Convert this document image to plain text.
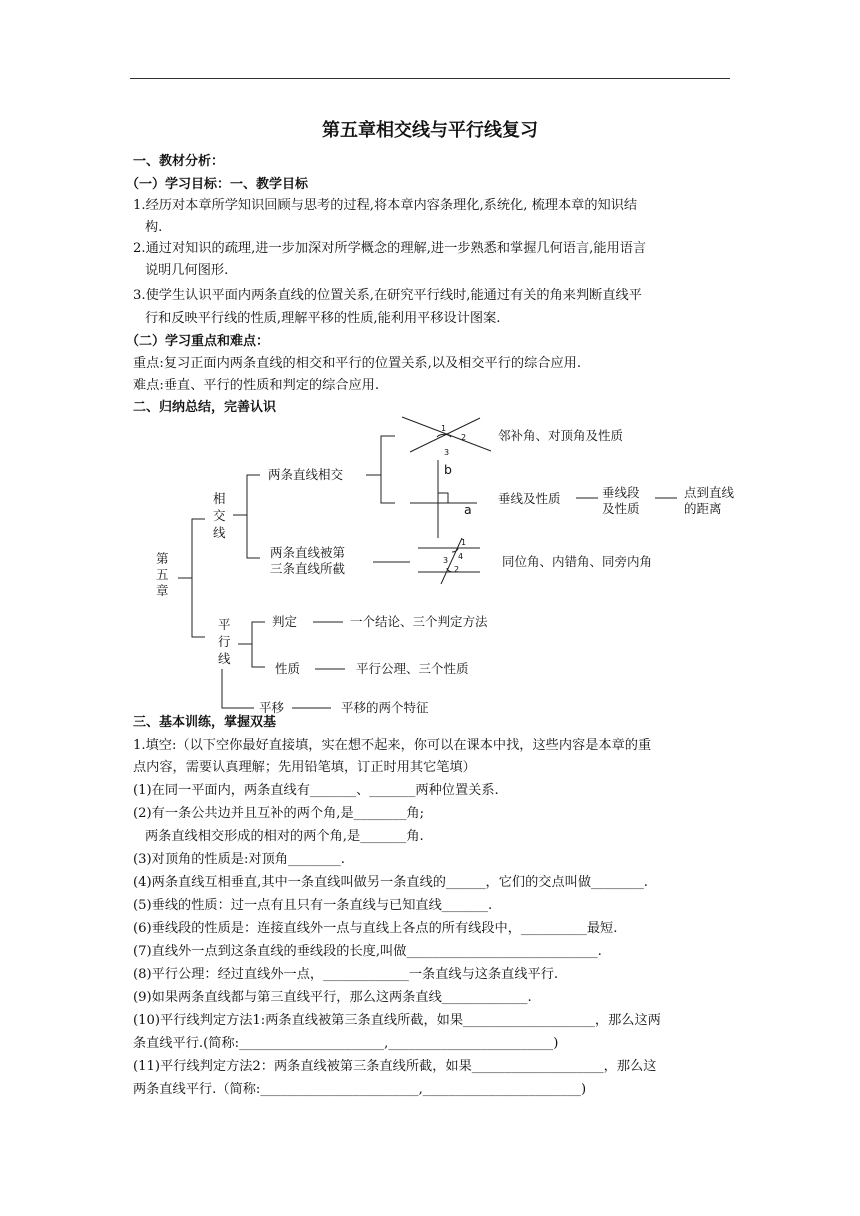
第五章相交线与平行线复习
一、教材分析：
（一）学习目标：一、教学目标
1.经历对本章所学知识回顾与思考的过程,将本章内容条理化,系统化, 梳理本章的知识结
构.
2.通过对知识的疏理,进一步加深对所学概念的理解,进一步熟悉和掌握几何语言,能用语言
说明几何图形.
3.使学生认识平面内两条直线的位置关系,在研究平行线时,能通过有关的角来判断直线平
行和反映平行线的性质,理解平移的性质,能利用平移设计图案.
（二）学习重点和难点：
重点:复习正面内两条直线的相交和平行的位置关系,以及相交平行的综合应用.
难点:垂直、平行的性质和判定的综合应用.
二、归纳总结，完善认识
1
2
3
b
a
1
4
3
2
第
五
章
相
交
线
平
行
线
两条直线相交
两条直线被第
三条直线所截
邻补角、对顶角及性质
垂线及性质	垂线段
及性质
点到直线
的距离
同位角、内错角、同旁内角
判定	一个结论、三个判定方法
性质	平行公理、三个性质
平移	平移的两个特征
三、基本训练，掌握双基
1.填空:（以下空你最好直接填，实在想不起来，你可以在课本中找，这些内容是本章的重
点内容，需要认真理解；先用铅笔填，订正时用其它笔填）
(1)在同一平面内，两条直线有_______、_______两种位置关系.
(2)有一条公共边并且互补的两个角,是________角;
两条直线相交形成的相对的两个角,是_______角.
(3)对顶角的性质是:对顶角________.
(4)两条直线互相垂直,其中一条直线叫做另一条直线的______，它们的交点叫做________.
(5)垂线的性质：过一点有且只有一条直线与已知直线_______.
(6)垂线段的性质是：连接直线外一点与直线上各点的所有线段中，__________最短.
(7)直线外一点到这条直线的垂线段的长度,叫做_____________________________.
(8)平行公理：经过直线外一点，_____________一条直线与这条直线平行.
(9)如果两条直线都与第三直线平行，那么这两条直线_____________.
(10)平行线判定方法1:两条直线被第三条直线所截，如果____________________，那么这两
条直线平行.(简称:______________________,_________________________)
(11)平行线判定方法2：两条直线被第三条直线所截，如果____________________，那么这
两条直线平行.（简称:________________________,________________________)
